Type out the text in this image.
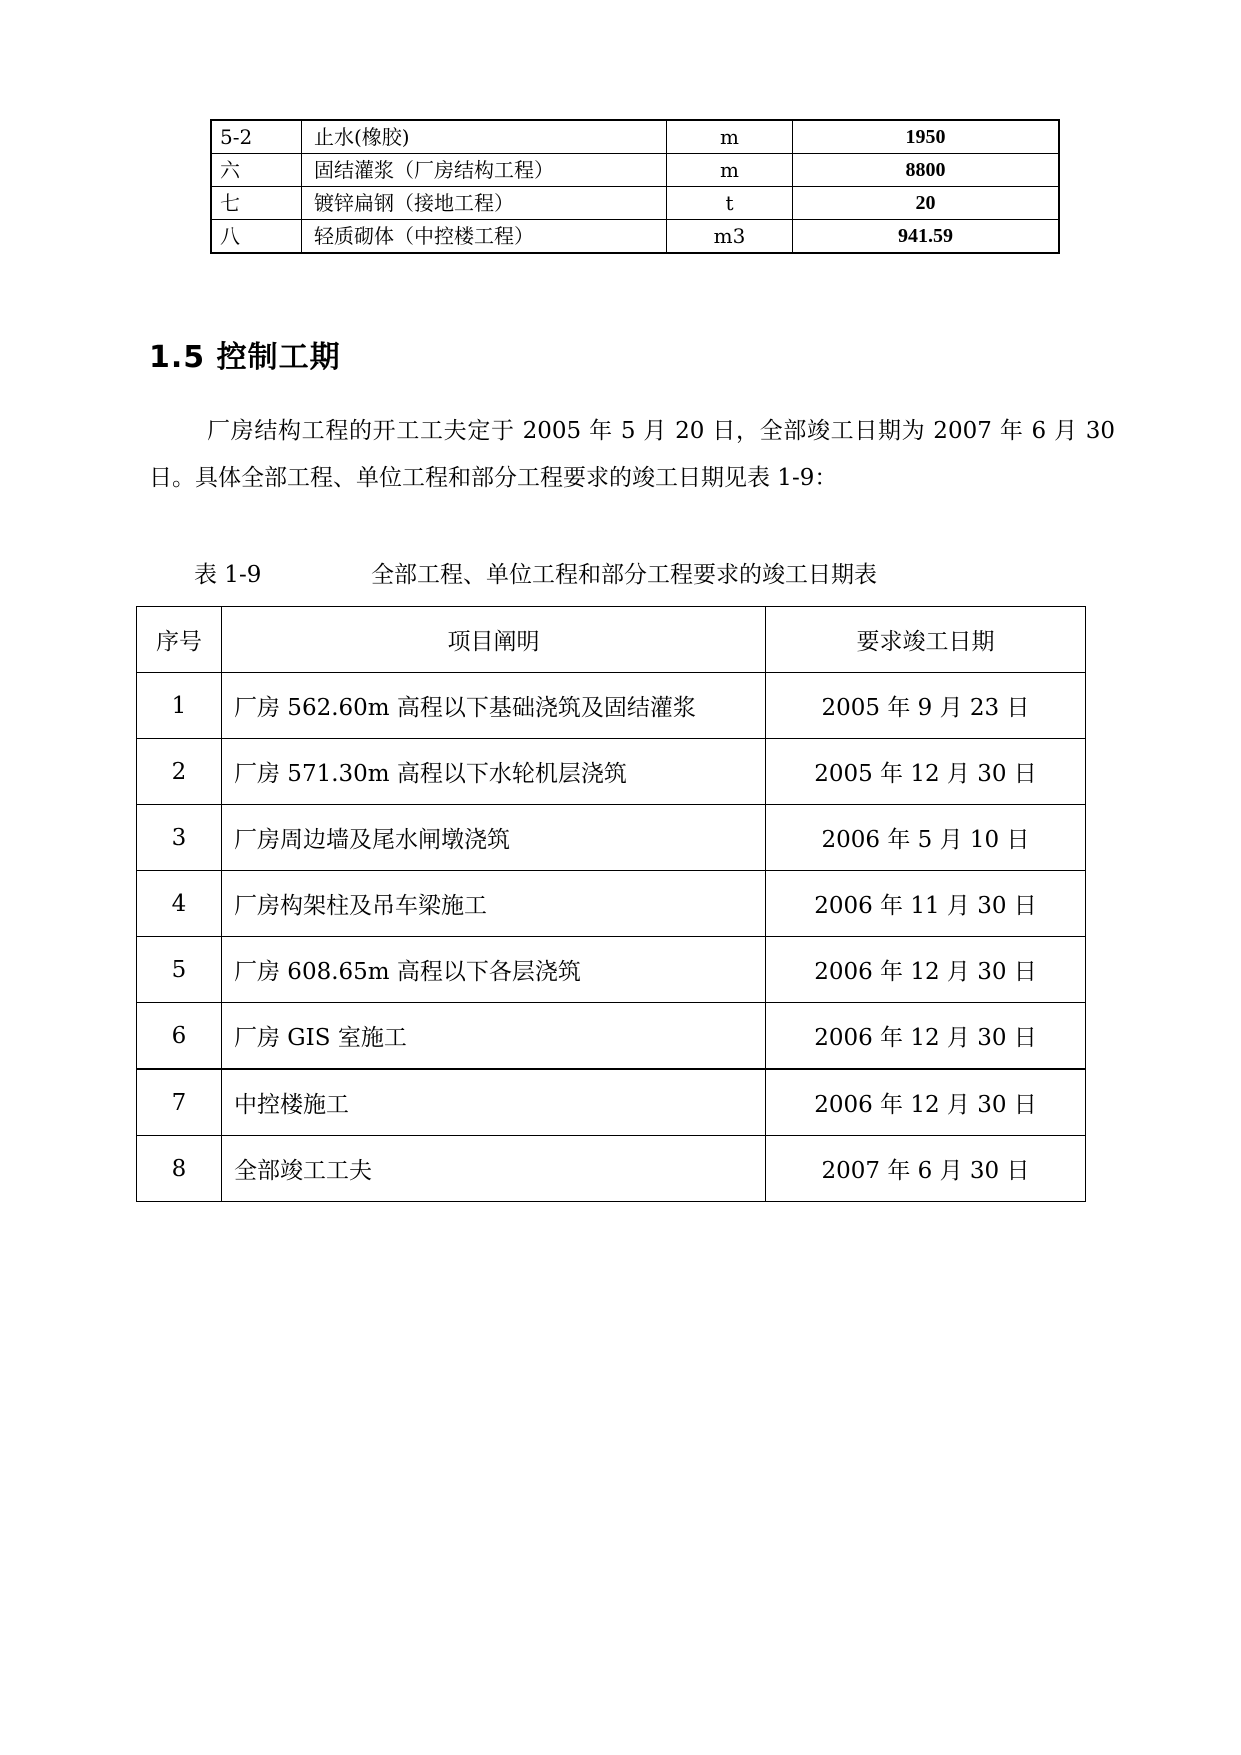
5-2	止水(橡胶)	m	1950
六	固结灌浆（厂房结构工程）	m	8800
七	镀锌扁钢（接地工程）	t	20
八	轻质砌体（中控楼工程）	m3	941.59
1.5 控制工期

厂房结构工程的开工工夫定于 2005 年 5 月 20 日，全部竣工日期为 2007 年 6 月 30 日。具体全部工程、单位工程和部分工程要求的竣工日期见表 1-9：

表 1-9	全部工程、单位工程和部分工程要求的竣工日期表

序号	项目阐明	要求竣工日期
1	厂房 562.60m 高程以下基础浇筑及固结灌浆	2005 年 9 月 23 日
2	厂房 571.30m 高程以下水轮机层浇筑	2005 年 12 月 30 日
3	厂房周边墙及尾水闸墩浇筑	2006 年 5 月 10 日
4	厂房构架柱及吊车梁施工	2006 年 11 月 30 日
5	厂房 608.65m 高程以下各层浇筑	2006 年 12 月 30 日
6	厂房 GIS 室施工	2006 年 12 月 30 日
7	中控楼施工	2006 年 12 月 30 日
8	全部竣工工夫	2007 年 6 月 30 日
